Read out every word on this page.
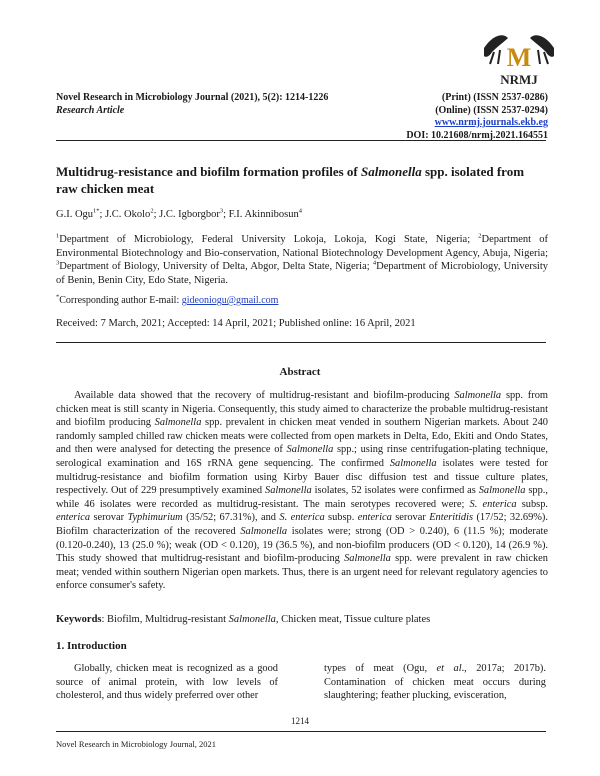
M
NRMJ
Novel Research in Microbiology Journal (2021), 5(2): 1214-1226
Research Article
(Print) (ISSN 2537-0286)
(Online) (ISSN 2537-0294)
www.nrmj.journals.ekb.eg
DOI: 10.21608/nrmj.2021.164551
Multidrug-resistance and biofilm formation profiles of Salmonella spp. isolated from raw chicken meat
G.I. Ogu$^{1*}$; J.C. Okolo$^2$; J.C. Igborgbor$^3$; F.I. Akinnibosun$^4$
$^1$Department of Microbiology, Federal University Lokoja, Lokoja, Kogi State, Nigeria; $^2$Department of Environmental Biotechnology and Bio-conservation, National Biotechnology Development Agency, Abuja, Nigeria; $^3$Department of Biology, University of Delta, Abgor, Delta State, Nigeria; $^4$Department of Microbiology, University of Benin, Benin City, Edo State, Nigeria.
*Corresponding author E-mail: gideoniogu@gmail.com
Received: 7 March, 2021; Accepted: 14 April, 2021; Published online: 16 April, 2021
Abstract

Available data showed that the recovery of multidrug-resistant and biofilm-producing Salmonella spp. from chicken meat is still scanty in Nigeria. Consequently, this study aimed to characterize the probable multidrug-resistant and biofilm producing Salmonella spp. prevalent in chicken meat vended in southern Nigerian markets. About 240 randomly sampled chilled raw chicken meats were collected from open markets in Delta, Edo, Ekiti and Ondo States, and then were analysed for detecting the presence of Salmonella spp.; using rinse centrifugation-plating technique, serological examination and 16S rRNA gene sequencing. The confirmed Salmonella isolates were tested for multidrug-resistance and biofilm formation using Kirby Bauer disc diffusion test and tissue culture plates, respectively. Out of 229 presumptively examined Salmonella isolates, 52 isolates were confirmed as Salmonella spp., while 46 isolates were recorded as multidrug-resistant. The main serotypes recovered were; S. enterica subsp. enterica serovar Typhimurium (35/52; 67.31%), and S. enterica subsp. enterica serovar Enteritidis (17/52; 32.69%). Biofilm characterization of the recovered Salmonella isolates were; strong (OD > 0.240), 6 (11.5 %); moderate (0.120-0.240), 13 (25.0 %); weak (OD < 0.120), 19 (36.5 %), and non-biofilm producers (OD < 0.120), 14 (26.9 %). This study showed that multidrug-resistant and biofilm-producing Salmonella spp. were prevalent in raw chicken meat; vended within southern Nigerian open markets. Thus, there is an urgent need for relevant regulatory agencies to enforce consumer's safety.

Keywords: Biofilm, Multidrug-resistant Salmonella, Chicken meat, Tissue culture plates
1. Introduction

Globally, chicken meat is recognized as a good source of animal protein, with low levels of cholesterol, and thus widely preferred over other

types of meat (Ogu, et al., 2017a; 2017b). Contamination of chicken meat occurs during slaughtering; feather plucking, evisceration,

1214
Novel Research in Microbiology Journal, 2021
